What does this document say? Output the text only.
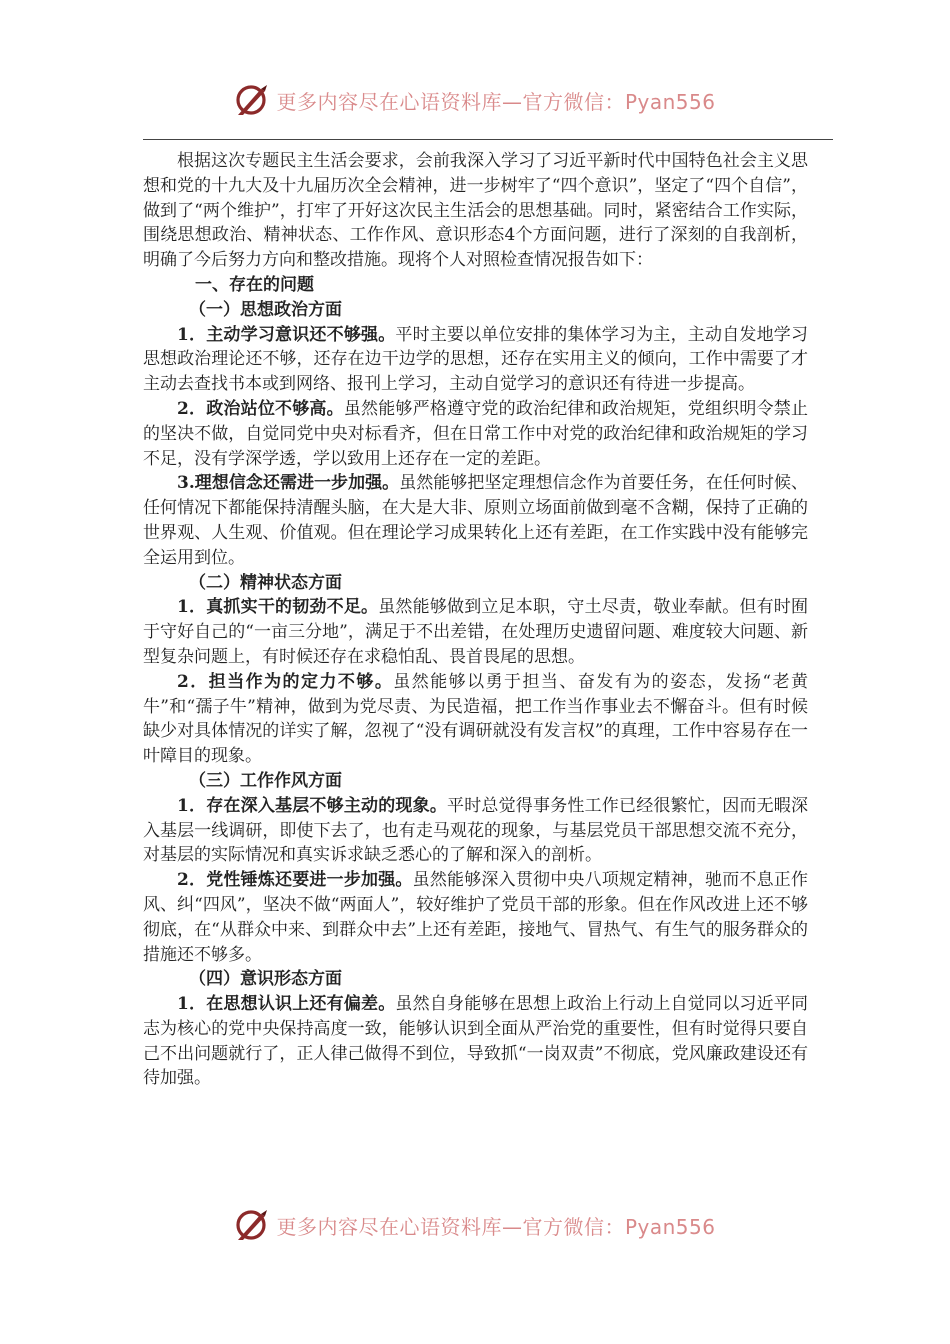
更多内容尽在心语资料库—官方微信：Pyan556

根据这次专题民主生活会要求，会前我深入学习了习近平新时代中国特色社会主义思想和党的十九大及十九届历次全会精神，进一步树牢了“四个意识”，坚定了“四个自信”，做到了“两个维护”，打牢了开好这次民主生活会的思想基础。同时，紧密结合工作实际，围绕思想政治、精神状态、工作作风、意识形态4个方面问题，进行了深刻的自我剖析，明确了今后努力方向和整改措施。现将个人对照检查情况报告如下：

一、存在的问题

（一）思想政治方面

1．主动学习意识还不够强。平时主要以单位安排的集体学习为主，主动自发地学习思想政治理论还不够，还存在边干边学的思想，还存在实用主义的倾向，工作中需要了才主动去查找书本或到网络、报刊上学习，主动自觉学习的意识还有待进一步提高。

2．政治站位不够高。虽然能够严格遵守党的政治纪律和政治规矩，党组织明令禁止的坚决不做，自觉同党中央对标看齐，但在日常工作中对党的政治纪律和政治规矩的学习不足，没有学深学透，学以致用上还存在一定的差距。

3.理想信念还需进一步加强。虽然能够把坚定理想信念作为首要任务，在任何时候、任何情况下都能保持清醒头脑，在大是大非、原则立场面前做到毫不含糊，保持了正确的世界观、人生观、价值观。但在理论学习成果转化上还有差距，在工作实践中没有能够完全运用到位。

（二）精神状态方面

1．真抓实干的韧劲不足。虽然能够做到立足本职，守土尽责，敬业奉献。但有时囿于守好自己的“一亩三分地”，满足于不出差错，在处理历史遗留问题、难度较大问题、新型复杂问题上，有时候还存在求稳怕乱、畏首畏尾的思想。

2．担当作为的定力不够。虽然能够以勇于担当、奋发有为的姿态，发扬“老黄牛”和“孺子牛”精神，做到为党尽责、为民造福，把工作当作事业去不懈奋斗。但有时候缺少对具体情况的详实了解，忽视了“没有调研就没有发言权”的真理，工作中容易存在一叶障目的现象。

（三）工作作风方面

1．存在深入基层不够主动的现象。平时总觉得事务性工作已经很繁忙，因而无暇深入基层一线调研，即使下去了，也有走马观花的现象，与基层党员干部思想交流不充分，对基层的实际情况和真实诉求缺乏悉心的了解和深入的剖析。

2．党性锤炼还要进一步加强。虽然能够深入贯彻中央八项规定精神，驰而不息正作风、纠“四风”，坚决不做“两面人”，较好维护了党员干部的形象。但在作风改进上还不够彻底，在“从群众中来、到群众中去”上还有差距，接地气、冒热气、有生气的服务群众的措施还不够多。

（四）意识形态方面

1．在思想认识上还有偏差。虽然自身能够在思想上政治上行动上自觉同以习近平同志为核心的党中央保持高度一致，能够认识到全面从严治党的重要性，但有时觉得只要自己不出问题就行了，正人律己做得不到位，导致抓“一岗双责”不彻底，党风廉政建设还有待加强。

更多内容尽在心语资料库—官方微信：Pyan556
